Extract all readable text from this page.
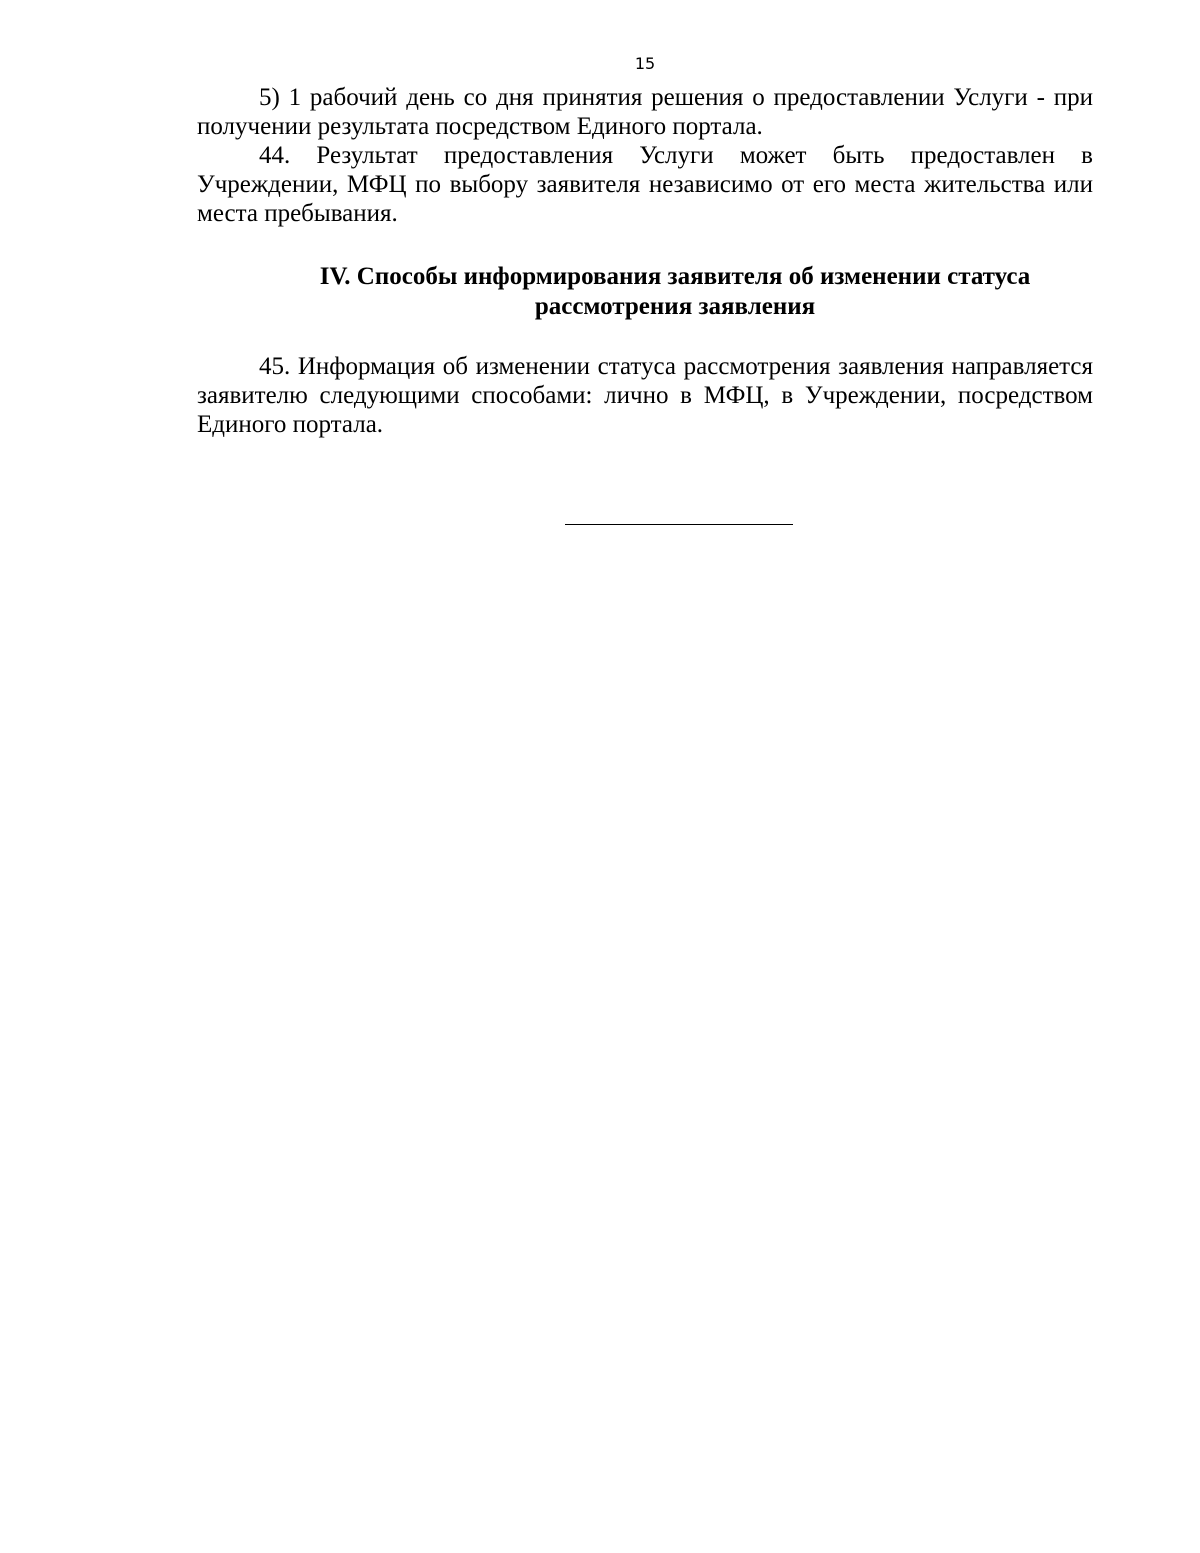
15

5) 1 рабочий день со дня принятия решения о предоставлении Услуги - при получении результата посредством Единого портала.

44. Результат предоставления Услуги может быть предоставлен в Учреждении, МФЦ по выбору заявителя независимо от его места жительства или места пребывания.

IV. Способы информирования заявителя об изменении статуса
рассмотрения заявления

45. Информация об изменении статуса рассмотрения заявления направляется заявителю следующими способами: лично в МФЦ, в Учреждении, посредством Единого портала.
